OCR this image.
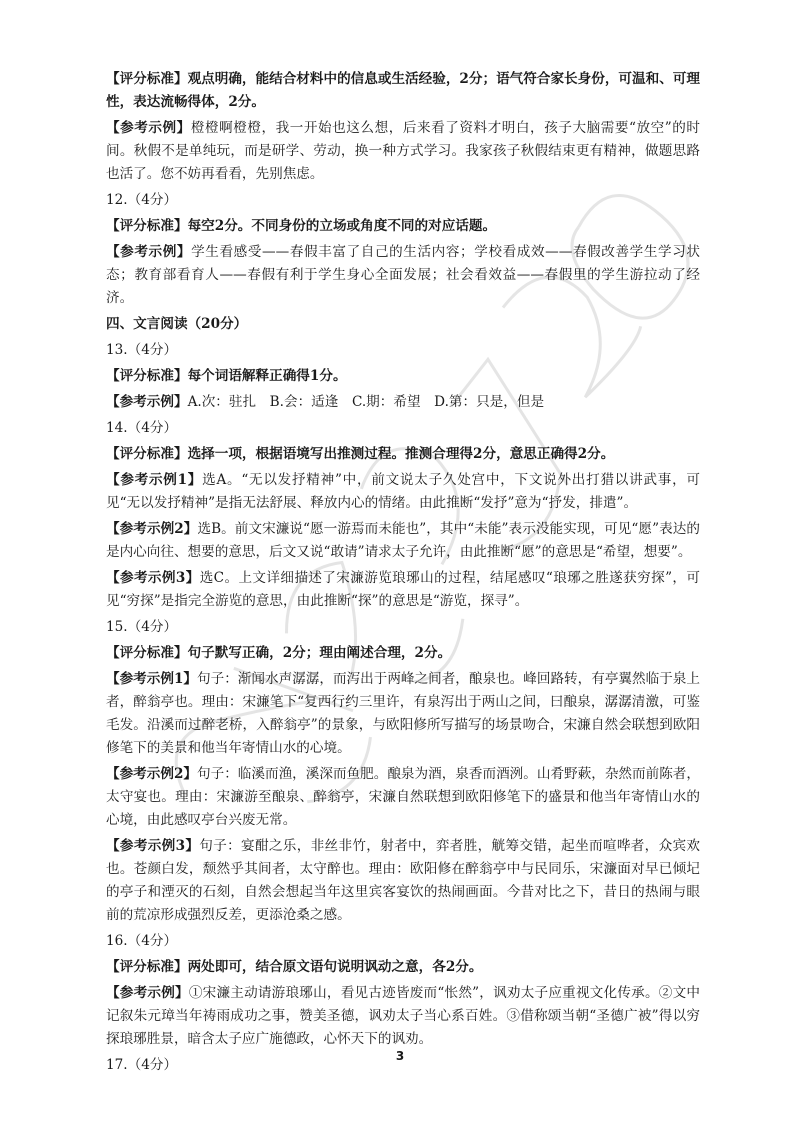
【评分标准】观点明确，能结合材料中的信息或生活经验，2分；语气符合家长身份，可温和、可理性，表达流畅得体，2分。

【参考示例】橙橙啊橙橙，我一开始也这么想，后来看了资料才明白，孩子大脑需要“放空”的时间。秋假不是单纯玩，而是研学、劳动，换一种方式学习。我家孩子秋假结束更有精神，做题思路也活了。您不妨再看看，先别焦虑。

12.（4分）

【评分标准】每空2分。不同身份的立场或角度不同的对应话题。

【参考示例】学生看感受——春假丰富了自己的生活内容；学校看成效——春假改善学生学习状态；教育部看育人——春假有利于学生身心全面发展；社会看效益——春假里的学生游拉动了经济。

四、文言阅读（20分）

13.（4分）

【评分标准】每个词语解释正确得1分。

【参考示例】A.次：驻扎　B.会：适逢　C.期：希望　D.第：只是，但是

14.（4分）

【评分标准】选择一项，根据语境写出推测过程。推测合理得2分，意思正确得2分。

【参考示例1】选A。“无以发抒精神”中，前文说太子久处宫中，下文说外出打猎以讲武事，可见“无以发抒精神”是指无法舒展、释放内心的情绪。由此推断“发抒”意为“抒发，排遣”。

【参考示例2】选B。前文宋濂说“愿一游焉而未能也”，其中“未能”表示没能实现，可见“愿”表达的是内心向往、想要的意思，后文又说“敢请”请求太子允许，由此推断“愿”的意思是“希望，想要”。

【参考示例3】选C。上文详细描述了宋濂游览琅琊山的过程，结尾感叹“琅琊之胜遂获穷探”，可见“穷探”是指完全游览的意思，由此推断“探”的意思是“游览，探寻”。

15.（4分）

【评分标准】句子默写正确，2分；理由阐述合理，2分。

【参考示例1】句子：渐闻水声潺潺，而泻出于两峰之间者，酿泉也。峰回路转，有亭翼然临于泉上者，醉翁亭也。理由：宋濂笔下“复西行约三里许，有泉泻出于两山之间，曰酿泉，潺潺清激，可鉴毛发。沿溪而过醉老桥，入醉翁亭”的景象，与欧阳修所写描写的场景吻合，宋濂自然会联想到欧阳修笔下的美景和他当年寄情山水的心境。

【参考示例2】句子：临溪而渔，溪深而鱼肥。酿泉为酒，泉香而酒洌。山肴野蔌，杂然而前陈者，太守宴也。理由：宋濂游至酿泉、醉翁亭，宋濂自然联想到欧阳修笔下的盛景和他当年寄情山水的心境，由此感叹亭台兴废无常。

【参考示例3】句子：宴酣之乐，非丝非竹，射者中，弈者胜，觥筹交错，起坐而喧哗者，众宾欢也。苍颜白发，颓然乎其间者，太守醉也。理由：欧阳修在醉翁亭中与民同乐，宋濂面对早已倾圮的亭子和湮灭的石刻，自然会想起当年这里宾客宴饮的热闹画面。今昔对比之下，昔日的热闹与眼前的荒凉形成强烈反差，更添沧桑之感。

16.（4分）

【评分标准】两处即可，结合原文语句说明讽动之意，各2分。

【参考示例】①宋濂主动请游琅琊山，看见古迹皆废而“怅然”，讽劝太子应重视文化传承。②文中记叙朱元璋当年祷雨成功之事，赞美圣德，讽劝太子当心系百姓。③借称颂当朝“圣德广被”得以穷探琅琊胜景，暗含太子应广施德政，心怀天下的讽劝。

17.（4分）

3
